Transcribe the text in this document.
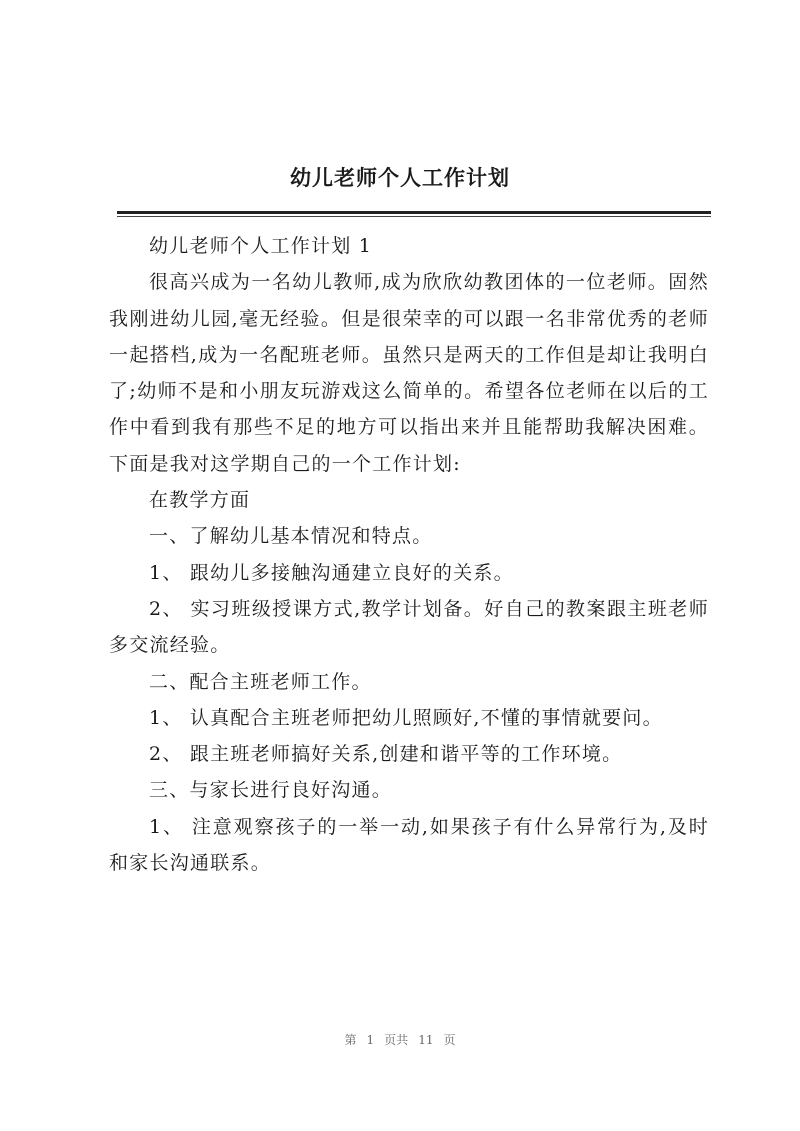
幼儿老师个人工作计划

幼儿老师个人工作计划 1

很高兴成为一名幼儿教师,成为欣欣幼教团体的一位老师。固然我刚进幼儿园,毫无经验。但是很荣幸的可以跟一名非常优秀的老师一起搭档,成为一名配班老师。虽然只是两天的工作但是却让我明白了;幼师不是和小朋友玩游戏这么简单的。希望各位老师在以后的工作中看到我有那些不足的地方可以指出来并且能帮助我解决困难。下面是我对这学期自己的一个工作计划:

在教学方面

一、了解幼儿基本情况和特点。

1、 跟幼儿多接触沟通建立良好的关系。

2、 实习班级授课方式,教学计划备。好自己的教案跟主班老师多交流经验。

二、配合主班老师工作。

1、 认真配合主班老师把幼儿照顾好,不懂的事情就要问。

2、 跟主班老师搞好关系,创建和谐平等的工作环境。

三、与家长进行良好沟通。

1、 注意观察孩子的一举一动,如果孩子有什么异常行为,及时和家长沟通联系。

第 1 页共 11 页
